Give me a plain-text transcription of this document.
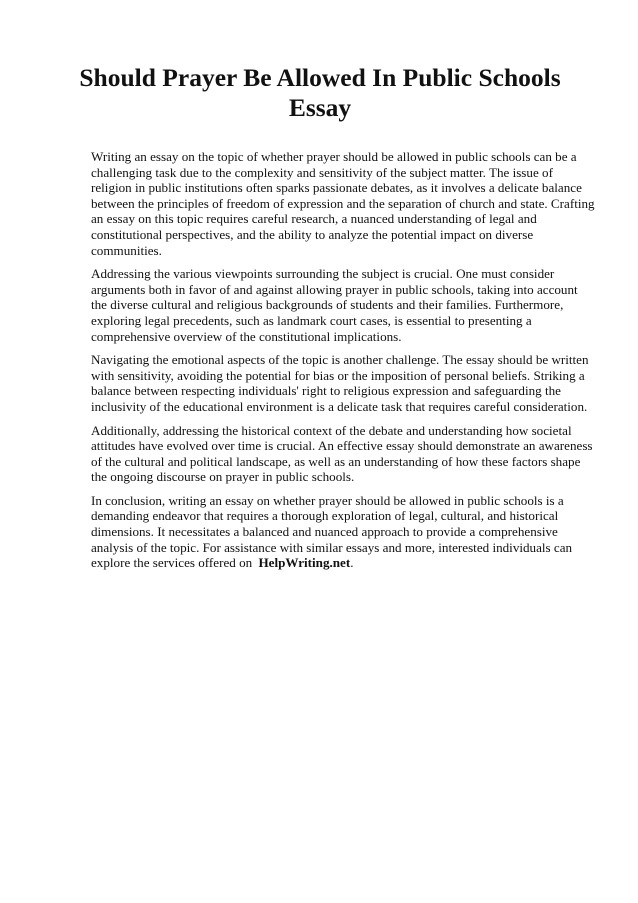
Should Prayer Be Allowed In Public Schools Essay

Writing an essay on the topic of whether prayer should be allowed in public schools can be a challenging task due to the complexity and sensitivity of the subject matter. The issue of religion in public institutions often sparks passionate debates, as it involves a delicate balance between the principles of freedom of expression and the separation of church and state. Crafting an essay on this topic requires careful research, a nuanced understanding of legal and constitutional perspectives, and the ability to analyze the potential impact on diverse communities.

Addressing the various viewpoints surrounding the subject is crucial. One must consider arguments both in favor of and against allowing prayer in public schools, taking into account the diverse cultural and religious backgrounds of students and their families. Furthermore, exploring legal precedents, such as landmark court cases, is essential to presenting a comprehensive overview of the constitutional implications.

Navigating the emotional aspects of the topic is another challenge. The essay should be written with sensitivity, avoiding the potential for bias or the imposition of personal beliefs. Striking a balance between respecting individuals' right to religious expression and safeguarding the inclusivity of the educational environment is a delicate task that requires careful consideration.

Additionally, addressing the historical context of the debate and understanding how societal attitudes have evolved over time is crucial. An effective essay should demonstrate an awareness of the cultural and political landscape, as well as an understanding of how these factors shape the ongoing discourse on prayer in public schools.

In conclusion, writing an essay on whether prayer should be allowed in public schools is a demanding endeavor that requires a thorough exploration of legal, cultural, and historical dimensions. It necessitates a balanced and nuanced approach to provide a comprehensive analysis of the topic. For assistance with similar essays and more, interested individuals can explore the services offered on HelpWriting.net.
